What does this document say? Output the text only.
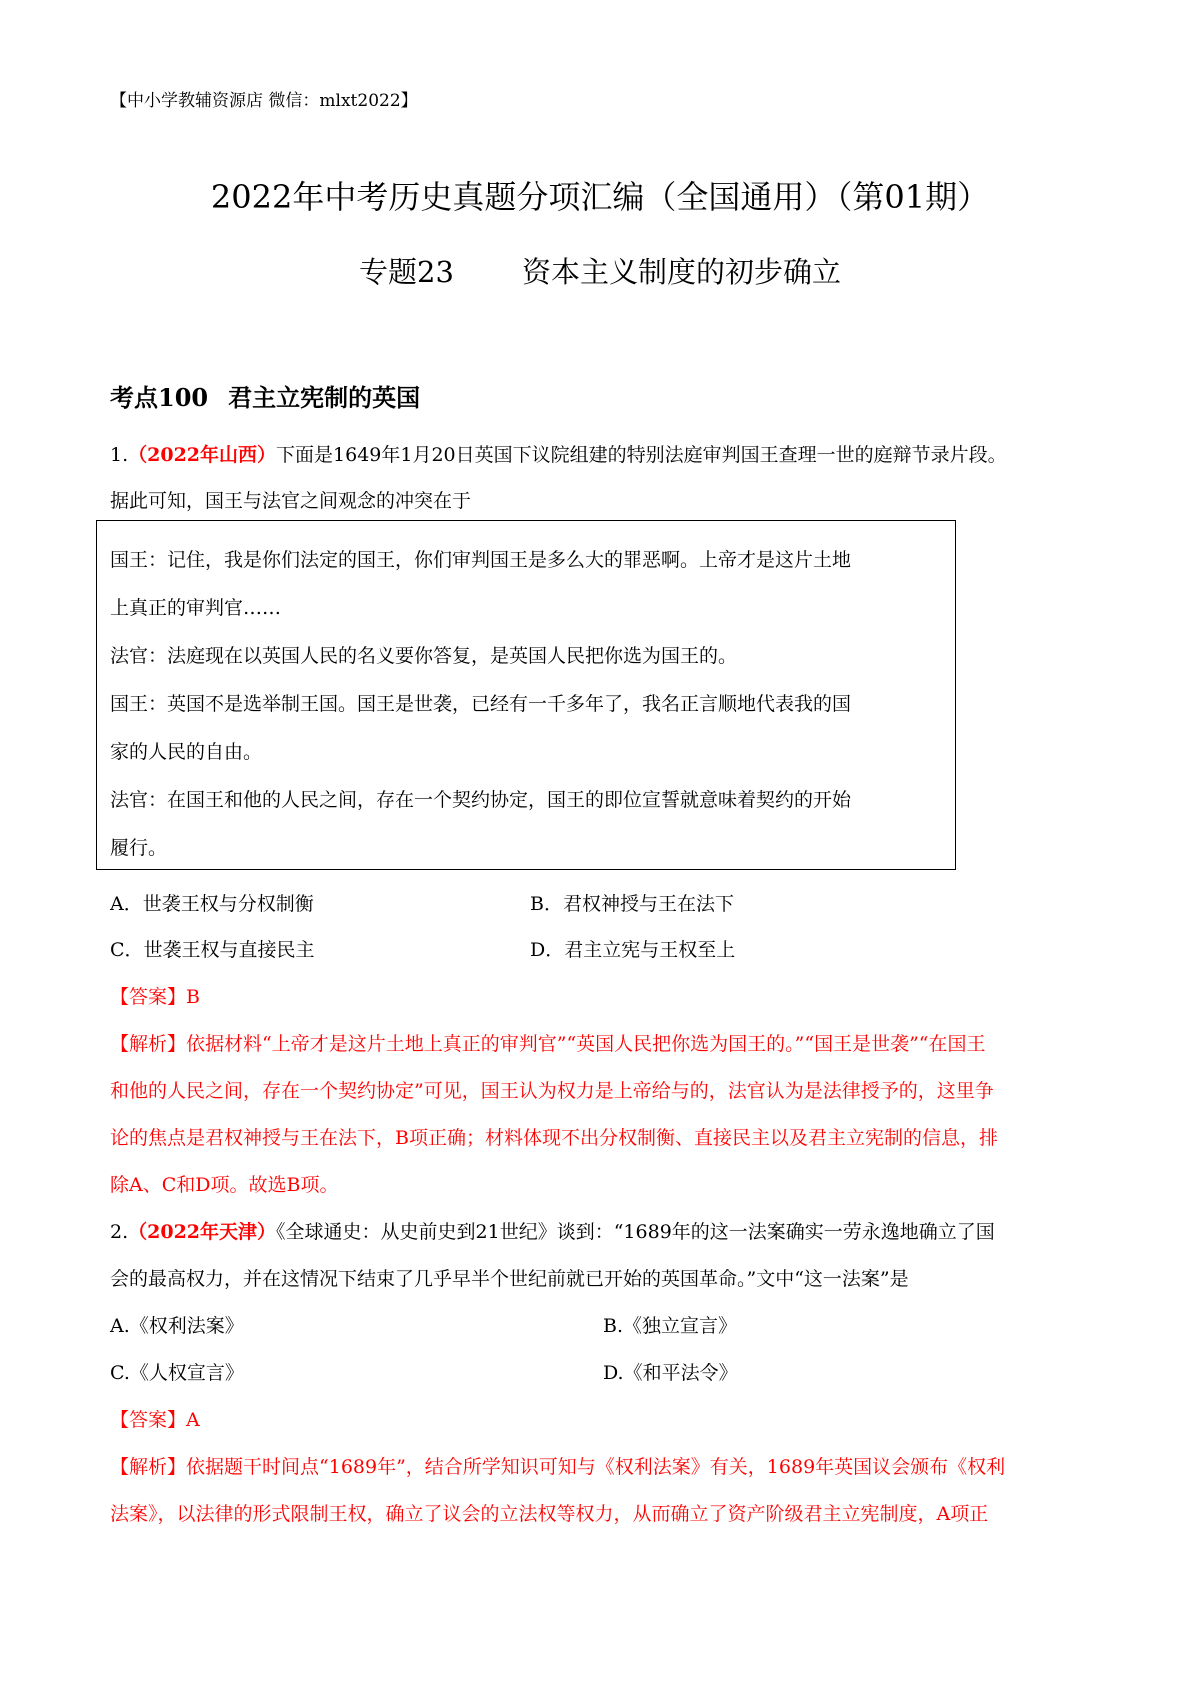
【中小学教辅资源店 微信：mlxt2022】
2022年中考历史真题分项汇编（全国通用）（第01期）
专题23 资本主义制度的初步确立
考点100 君主立宪制的英国
1.（2022年山西）下面是1649年1月20日英国下议院组建的特别法庭审判国王查理一世的庭辩节录片段。
据此可知，国王与法官之间观念的冲突在于
国王：记住，我是你们法定的国王，你们审判国王是多么大的罪恶啊。上帝才是这片土地
上真正的审判官……
法官：法庭现在以英国人民的名义要你答复，是英国人民把你选为国王的。
国王：英国不是选举制王国。国王是世袭，已经有一千多年了，我名正言顺地代表我的国
家的人民的自由。
法官：在国王和他的人民之间，存在一个契约协定，国王的即位宣誓就意味着契约的开始
履行。
A．世袭王权与分权制衡	B．君权神授与王在法下
C．世袭王权与直接民主	D．君主立宪与王权至上
【答案】B
【解析】依据材料“上帝才是这片土地上真正的审判官”“英国人民把你选为国王的。”“国王是世袭”“在国王
和他的人民之间，存在一个契约协定”可见，国王认为权力是上帝给与的，法官认为是法律授予的，这里争
论的焦点是君权神授与王在法下，B项正确；材料体现不出分权制衡、直接民主以及君主立宪制的信息，排
除A、C和D项。故选B项。
2.（2022年天津）《全球通史：从史前史到21世纪》谈到：“1689年的这一法案确实一劳永逸地确立了国
会的最高权力，并在这情况下结束了几乎早半个世纪前就已开始的英国革命。”文中“这一法案”是
A.《权利法案》	B.《独立宣言》
C.《人权宣言》	D.《和平法令》
【答案】A
【解析】依据题干时间点“1689年”，结合所学知识可知与《权利法案》有关，1689年英国议会颁布《权利
法案》，以法律的形式限制王权，确立了议会的立法权等权力，从而确立了资产阶级君主立宪制度，A项正
